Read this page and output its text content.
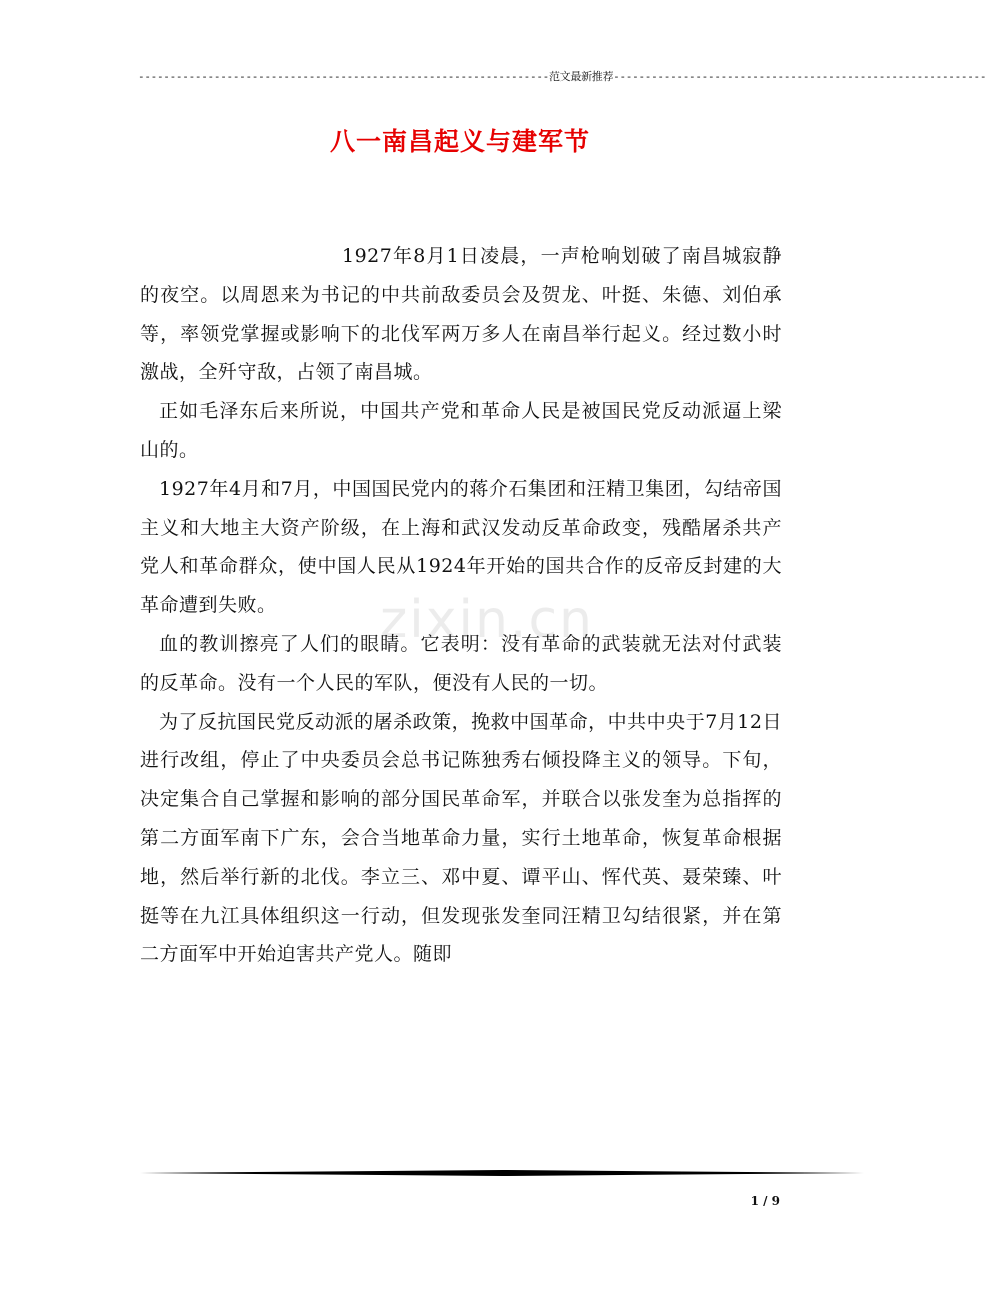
-----------------------------------------------------------------范文最新推荐-----------------------------------------------------------
八一南昌起义与建军节
zixin.cn

1927年8月1日凌晨，一声枪响划破了南昌城寂静的夜空。以周恩来为书记的中共前敌委员会及贺龙、叶挺、朱德、刘伯承等，率领党掌握或影响下的北伐军两万多人在南昌举行起义。经过数小时激战，全歼守敌，占领了南昌城。

正如毛泽东后来所说，中国共产党和革命人民是被国民党反动派逼上梁山的。

1927年4月和7月，中国国民党内的蒋介石集团和汪精卫集团，勾结帝国主义和大地主大资产阶级，在上海和武汉发动反革命政变，残酷屠杀共产党人和革命群众，使中国人民从1924年开始的国共合作的反帝反封建的大革命遭到失败。

血的教训擦亮了人们的眼睛。它表明：没有革命的武装就无法对付武装的反革命。没有一个人民的军队，便没有人民的一切。

为了反抗国民党反动派的屠杀政策，挽救中国革命，中共中央于7月12日进行改组，停止了中央委员会总书记陈独秀右倾投降主义的领导。下旬，决定集合自己掌握和影响的部分国民革命军，并联合以张发奎为总指挥的第二方面军南下广东，会合当地革命力量，实行土地革命，恢复革命根据地，然后举行新的北伐。李立三、邓中夏、谭平山、恽代英、聂荣臻、叶挺等在九江具体组织这一行动，但发现张发奎同汪精卫勾结很紧，并在第二方面军中开始迫害共产党人。随即

1 / 9
